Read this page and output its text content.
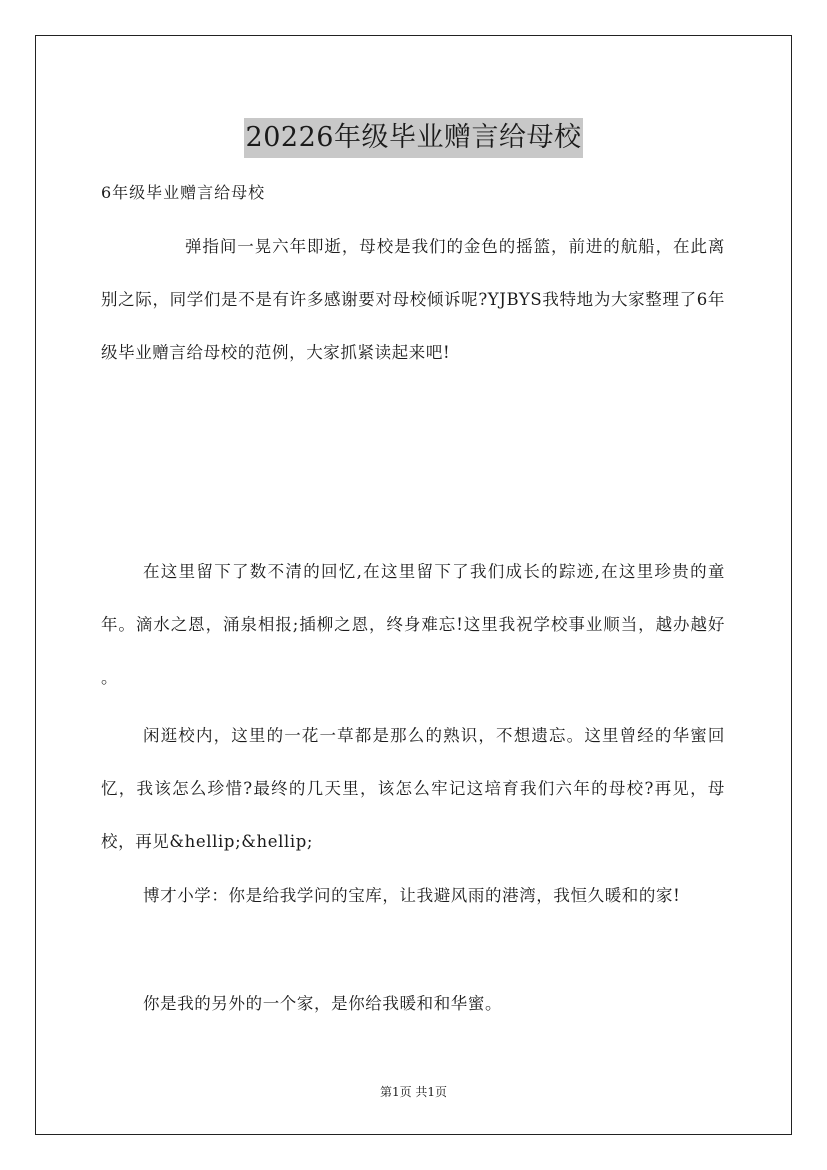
20226年级毕业赠言给母校
6年级毕业赠言给母校

弹指间一晃六年即逝，母校是我们的金色的摇篮，前进的航船，在此离别之际，同学们是不是有许多感谢要对母校倾诉呢?YJBYS我特地为大家整理了6年级毕业赠言给母校的范例，大家抓紧读起来吧!

在这里留下了数不清的回忆,在这里留下了我们成长的踪迹,在这里珍贵的童年。滴水之恩，涌泉相报;插柳之恩，终身难忘!这里我祝学校事业顺当，越办越好 。

闲逛校内，这里的一花一草都是那么的熟识，不想遗忘。这里曾经的华蜜回忆，我该怎么珍惜?最终的几天里，该怎么牢记这培育我们六年的母校?再见，母校，再见&hellip;&hellip;

博才小学：你是给我学问的宝库，让我避风雨的港湾，我恒久暖和的家!

你是我的另外的一个家，是你给我暖和和华蜜。

第1页 共1页
